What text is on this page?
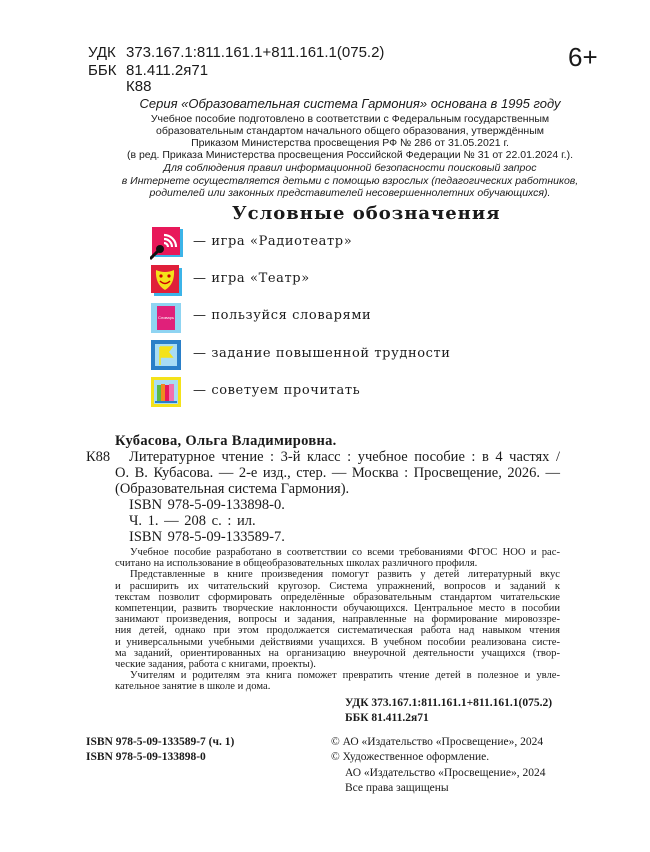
УДК 373.167.1:811.161.1+811.161.1(075.2)
ББК 81.411.2я71
К88
6+
Серия «Образовательная система Гармония» основана в 1995 году
Учебное пособие подготовлено в соответствии с Федеральным государственным
образовательным стандартом начального общего образования, утверждённым
Приказом Министерства просвещения РФ № 286 от 31.05.2021 г.
(в ред. Приказа Министерства просвещения Российской Федерации № 31 от 22.01.2024 г.).
Для соблюдения правил информационной безопасности поисковый запрос
в Интернете осуществляется детьми с помощью взрослых (педагогических работников,
родителей или законных представителей несовершеннолетних обучающихся).
Условные обозначения
— игра «Радиотеатр»
— игра «Театр»
Словарь — пользуйся словарями
— задание повышенной трудности
— советуем прочитать
Кубасова, Ольга Владимировна.
К88 Литературное чтение : 3-й класс : учебное пособие : в 4 частях /
О. В. Кубасова. — 2-е изд., стер. — Москва : Просвещение, 2026. —
(Образовательная система Гармония).
ISBN 978-5-09-133898-0.
Ч. 1. — 208 с. : ил.
ISBN 978-5-09-133589-7.
Учебное пособие разработано в соответствии со всеми требованиями ФГОС НОО и рас-
считано на использование в общеобразовательных школах различного профиля.
Представленные в книге произведения помогут развить у детей литературный вкус
и расширить их читательский кругозор. Система упражнений, вопросов и заданий к
текстам позволит сформировать определённые образовательным стандартом читательские
компетенции, развить творческие наклонности обучающихся. Центральное место в пособии
занимают произведения, вопросы и задания, направленные на формирование мировоззре-
ния детей, однако при этом продолжается систематическая работа над навыком чтения
и универсальными учебными действиями учащихся. В учебном пособии реализована систе-
ма заданий, ориентированных на организацию внеурочной деятельности учащихся (твор-
ческие задания, работа с книгами, проекты).
Учителям и родителям эта книга поможет превратить чтение детей в полезное и увле-
кательное занятие в школе и дома.
УДК 373.167.1:811.161.1+811.161.1(075.2)
ББК 81.411.2я71
ISBN 978-5-09-133589-7 (ч. 1)
ISBN 978-5-09-133898-0
© АО «Издательство «Просвещение», 2024
© Художественное оформление.
АО «Издательство «Просвещение», 2024
Все права защищены
